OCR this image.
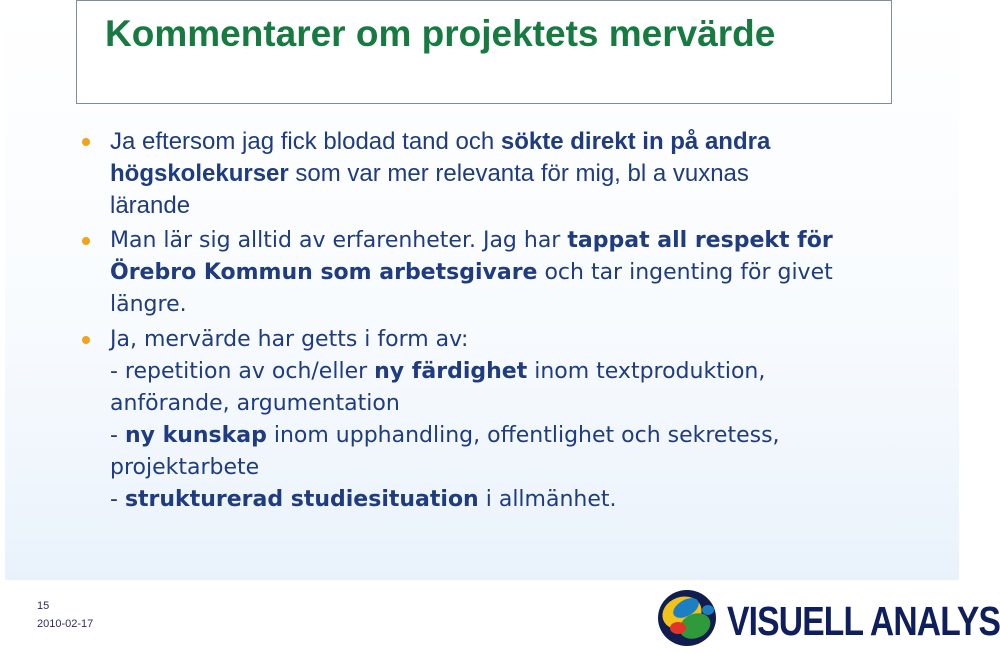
Kommentarer om projektets mervärde
Ja eftersom jag fick blodad tand och sökte direkt in på andra
högskolekurser som var mer relevanta för mig, bl a vuxnas
lärande
Man lär sig alltid av erfarenheter. Jag har tappat all respekt för
Örebro Kommun som arbetsgivare och tar ingenting för givet
längre.
Ja, mervärde har getts i form av:
- repetition av och/eller ny färdighet inom textproduktion,
anförande, argumentation
- ny kunskap inom upphandling, offentlighet och sekretess,
projektarbete
- strukturerad studiesituation i allmänhet.
15
2010-02-17	VISUELL ANALYS
